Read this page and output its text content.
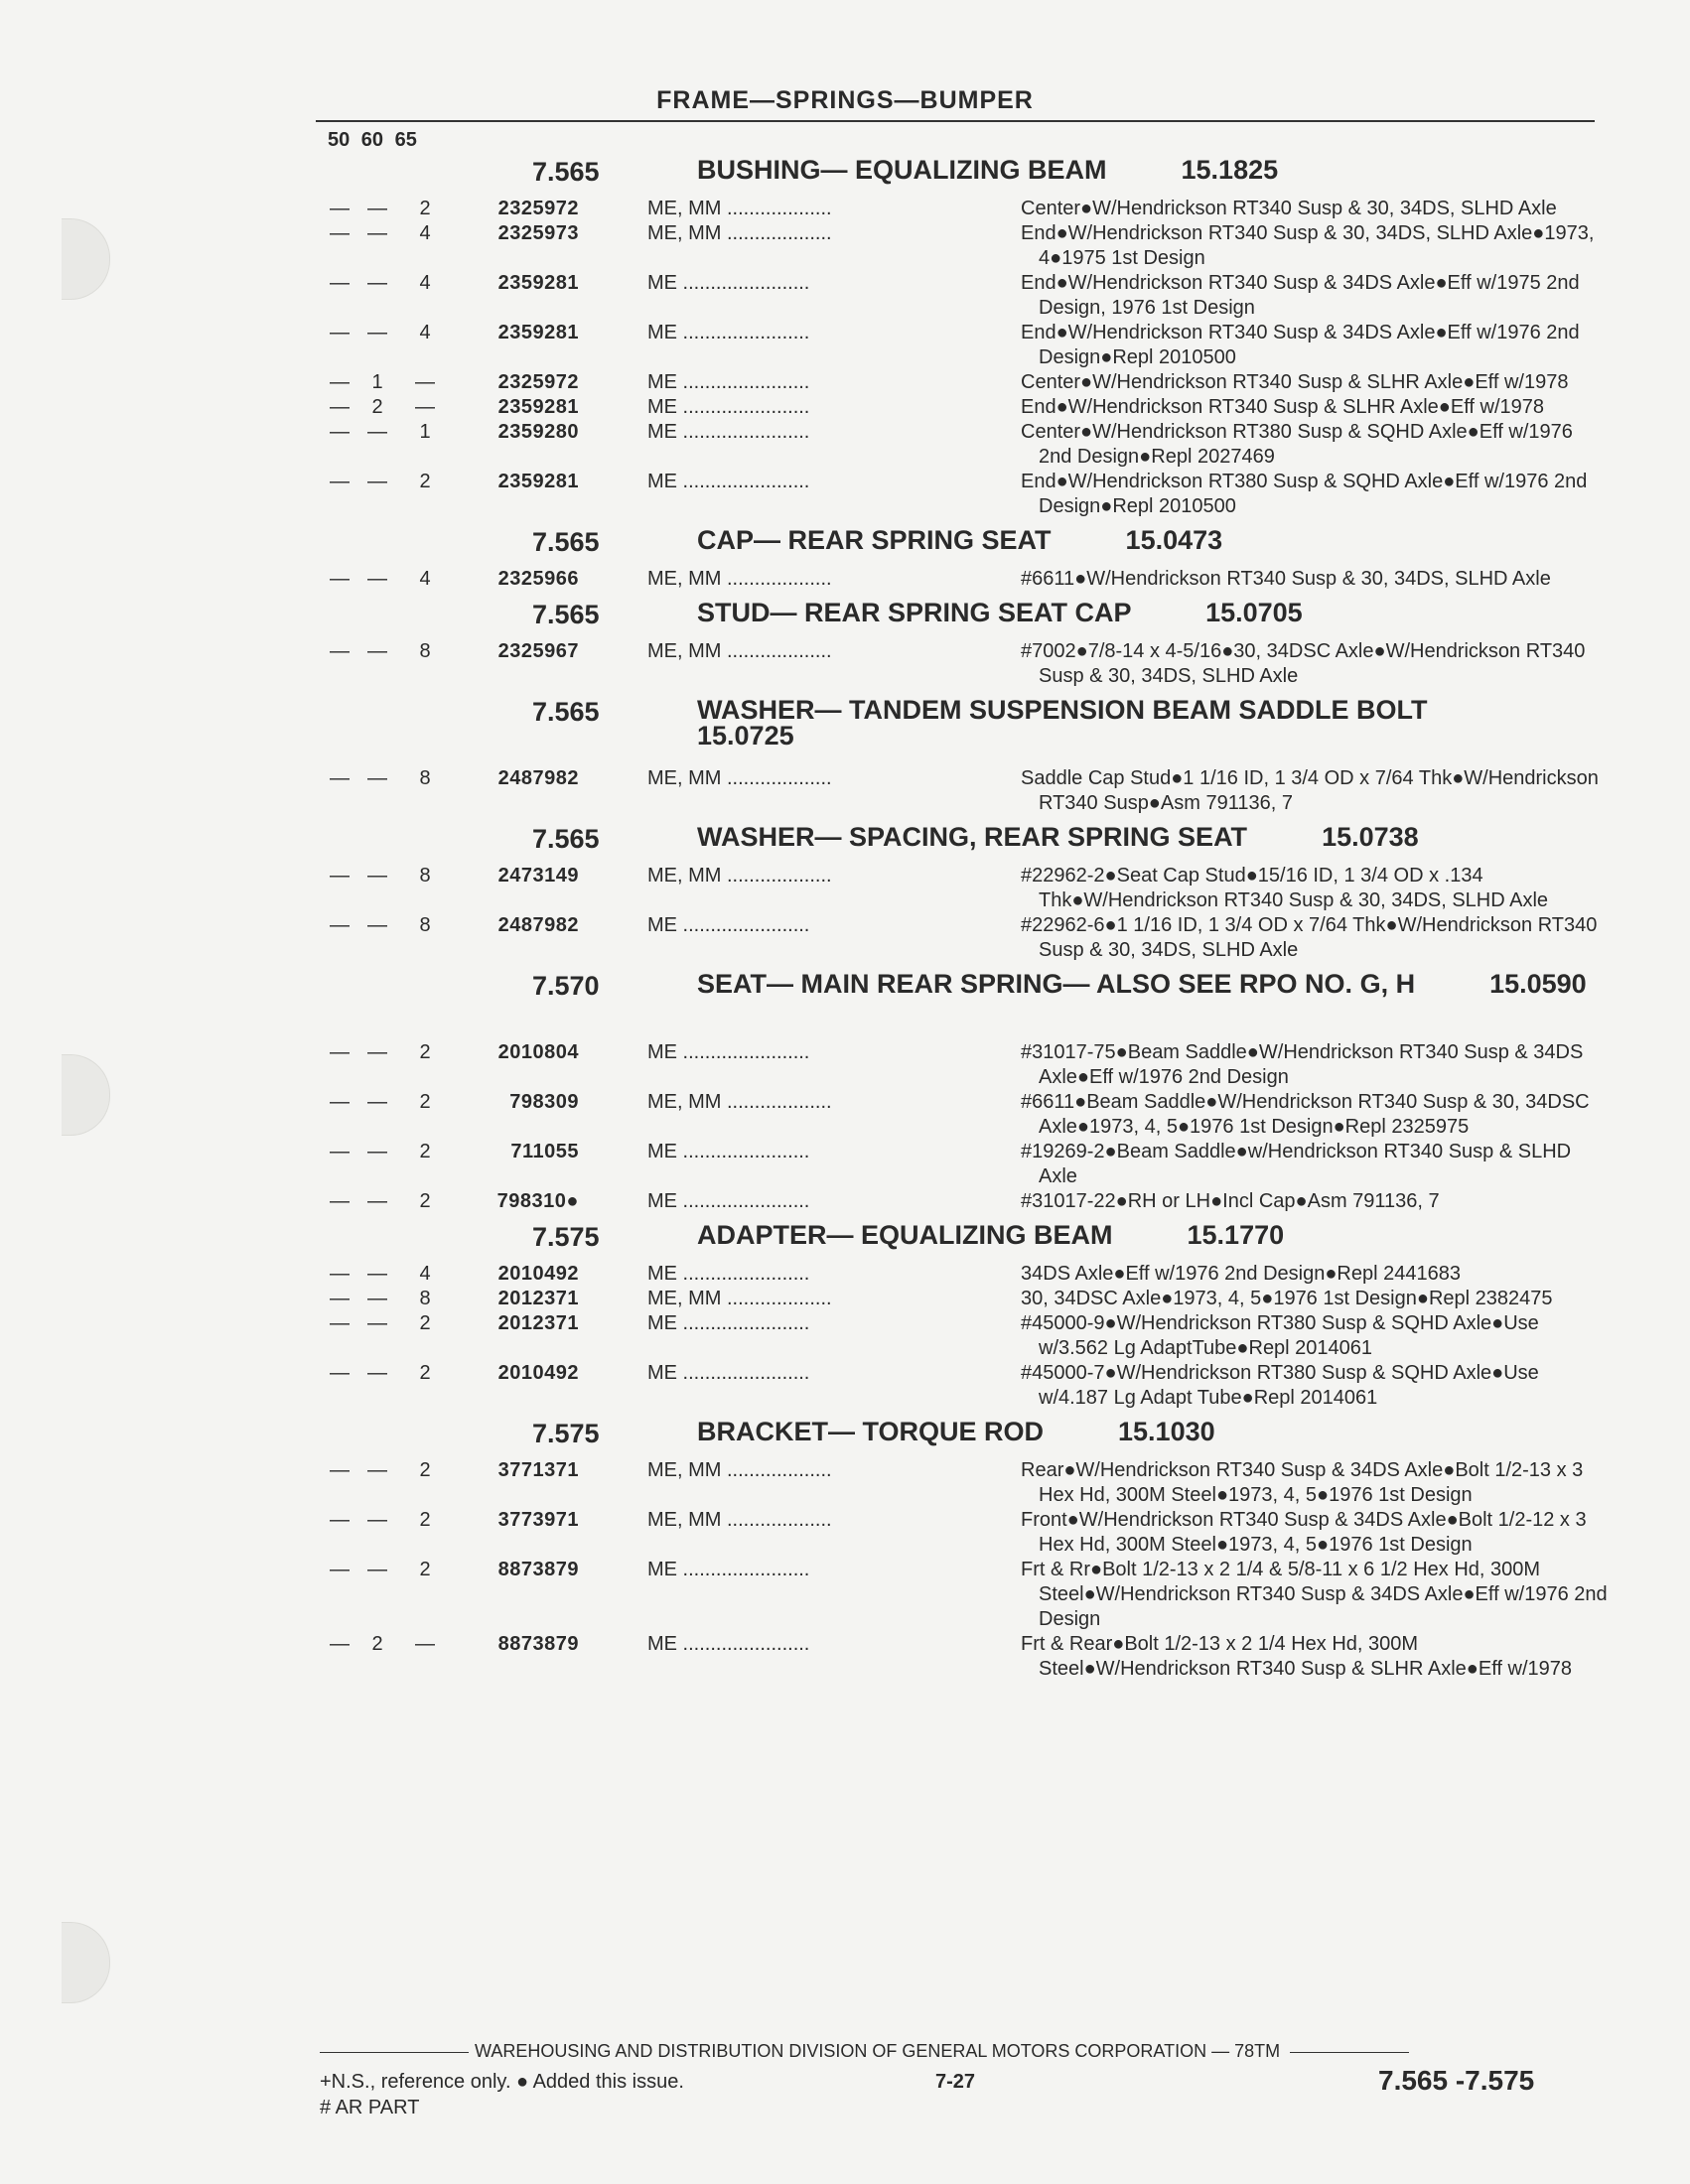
FRAME—SPRINGS—BUMPER
50 60 65
7.565	BUSHING— EQUALIZING BEAM          15.1825
— — 2	2325972	ME, MM ...................	Center●W/Hendrickson RT340 Susp & 30, 34DS, SLHD Axle
— — 4	2325973	ME, MM ...................	End●W/Hendrickson RT340 Susp & 30, 34DS, SLHD Axle●1973, 4●1975 1st Design
— — 4	2359281	ME .......................	End●W/Hendrickson RT340 Susp & 34DS Axle●Eff w/1975 2nd Design, 1976 1st Design
— — 4	2359281	ME .......................	End●W/Hendrickson RT340 Susp & 34DS Axle●Eff w/1976 2nd Design●Repl 2010500
— 1 —	2325972	ME .......................	Center●W/Hendrickson RT340 Susp & SLHR Axle●Eff w/1978
— 2 —	2359281	ME .......................	End●W/Hendrickson RT340 Susp & SLHR Axle●Eff w/1978
— — 1	2359280	ME .......................	Center●W/Hendrickson RT380 Susp & SQHD Axle●Eff w/1976 2nd Design●Repl 2027469
— — 2	2359281	ME .......................	End●W/Hendrickson RT380 Susp & SQHD Axle●Eff w/1976 2nd Design●Repl 2010500
7.565	CAP— REAR SPRING SEAT          15.0473
— — 4	2325966	ME, MM ...................	#6611●W/Hendrickson RT340 Susp & 30, 34DS, SLHD Axle
7.565	STUD— REAR SPRING SEAT CAP          15.0705
— — 8	2325967	ME, MM ...................	#7002●7/8-14 x 4-5/16●30, 34DSC Axle●W/Hendrickson RT340 Susp & 30, 34DS, SLHD Axle
7.565	WASHER— TANDEM SUSPENSION BEAM SADDLE BOLT          15.0725
— — 8	2487982	ME, MM ...................	Saddle Cap Stud●1 1/16 ID, 1 3/4 OD x 7/64 Thk●W/Hendrickson RT340 Susp●Asm 791136, 7
7.565	WASHER— SPACING, REAR SPRING SEAT          15.0738
— — 8	2473149	ME, MM ...................	#22962-2●Seat Cap Stud●15/16 ID, 1 3/4 OD x .134 Thk●W/Hendrickson RT340 Susp & 30, 34DS, SLHD Axle
— — 8	2487982	ME .......................	#22962-6●1 1/16 ID, 1 3/4 OD x 7/64 Thk●W/Hendrickson RT340 Susp & 30, 34DS, SLHD Axle
7.570	SEAT— MAIN REAR SPRING— ALSO SEE RPO NO. G, H          15.0590
— — 2	2010804	ME .......................	#31017-75●Beam Saddle●W/Hendrickson RT340 Susp & 34DS Axle●Eff w/1976 2nd Design
— — 2	798309	ME, MM ...................	#6611●Beam Saddle●W/Hendrickson RT340 Susp & 30, 34DSC Axle●1973, 4, 5●1976 1st Design●Repl 2325975
— — 2	711055	ME .......................	#19269-2●Beam Saddle●w/Hendrickson RT340 Susp & SLHD Axle
— — 2	798310●	ME .......................	#31017-22●RH or LH●Incl Cap●Asm 791136, 7
7.575	ADAPTER— EQUALIZING BEAM          15.1770
— — 4	2010492	ME .......................	34DS Axle●Eff w/1976 2nd Design●Repl 2441683
— — 8	2012371	ME, MM ...................	30, 34DSC Axle●1973, 4, 5●1976 1st Design●Repl 2382475
— — 2	2012371	ME .......................	#45000-9●W/Hendrickson RT380 Susp & SQHD Axle●Use w/3.562 Lg AdaptTube●Repl 2014061
— — 2	2010492	ME .......................	#45000-7●W/Hendrickson RT380 Susp & SQHD Axle●Use w/4.187 Lg Adapt Tube●Repl 2014061
7.575	BRACKET— TORQUE ROD          15.1030
— — 2	3771371	ME, MM ...................	Rear●W/Hendrickson RT340 Susp & 34DS Axle●Bolt 1/2-13 x 3 Hex Hd, 300M Steel●1973, 4, 5●1976 1st Design
— — 2	3773971	ME, MM ...................	Front●W/Hendrickson RT340 Susp & 34DS Axle●Bolt 1/2-12 x 3 Hex Hd, 300M Steel●1973, 4, 5●1976 1st Design
— — 2	8873879	ME .......................	Frt & Rr●Bolt 1/2-13 x 2 1/4 & 5/8-11 x 6 1/2 Hex Hd, 300M Steel●W/Hendrickson RT340 Susp & 34DS Axle●Eff w/1976 2nd Design
— 2 —	8873879	ME .......................	Frt & Rear●Bolt 1/2-13 x 2 1/4 Hex Hd, 300M Steel●W/Hendrickson RT340 Susp & SLHR Axle●Eff w/1978
WAREHOUSING AND DISTRIBUTION DIVISION OF GENERAL MOTORS CORPORATION — 78TM
+N.S., reference only. ● Added this issue.
# AR PART
7-27	7.565 -7.575
